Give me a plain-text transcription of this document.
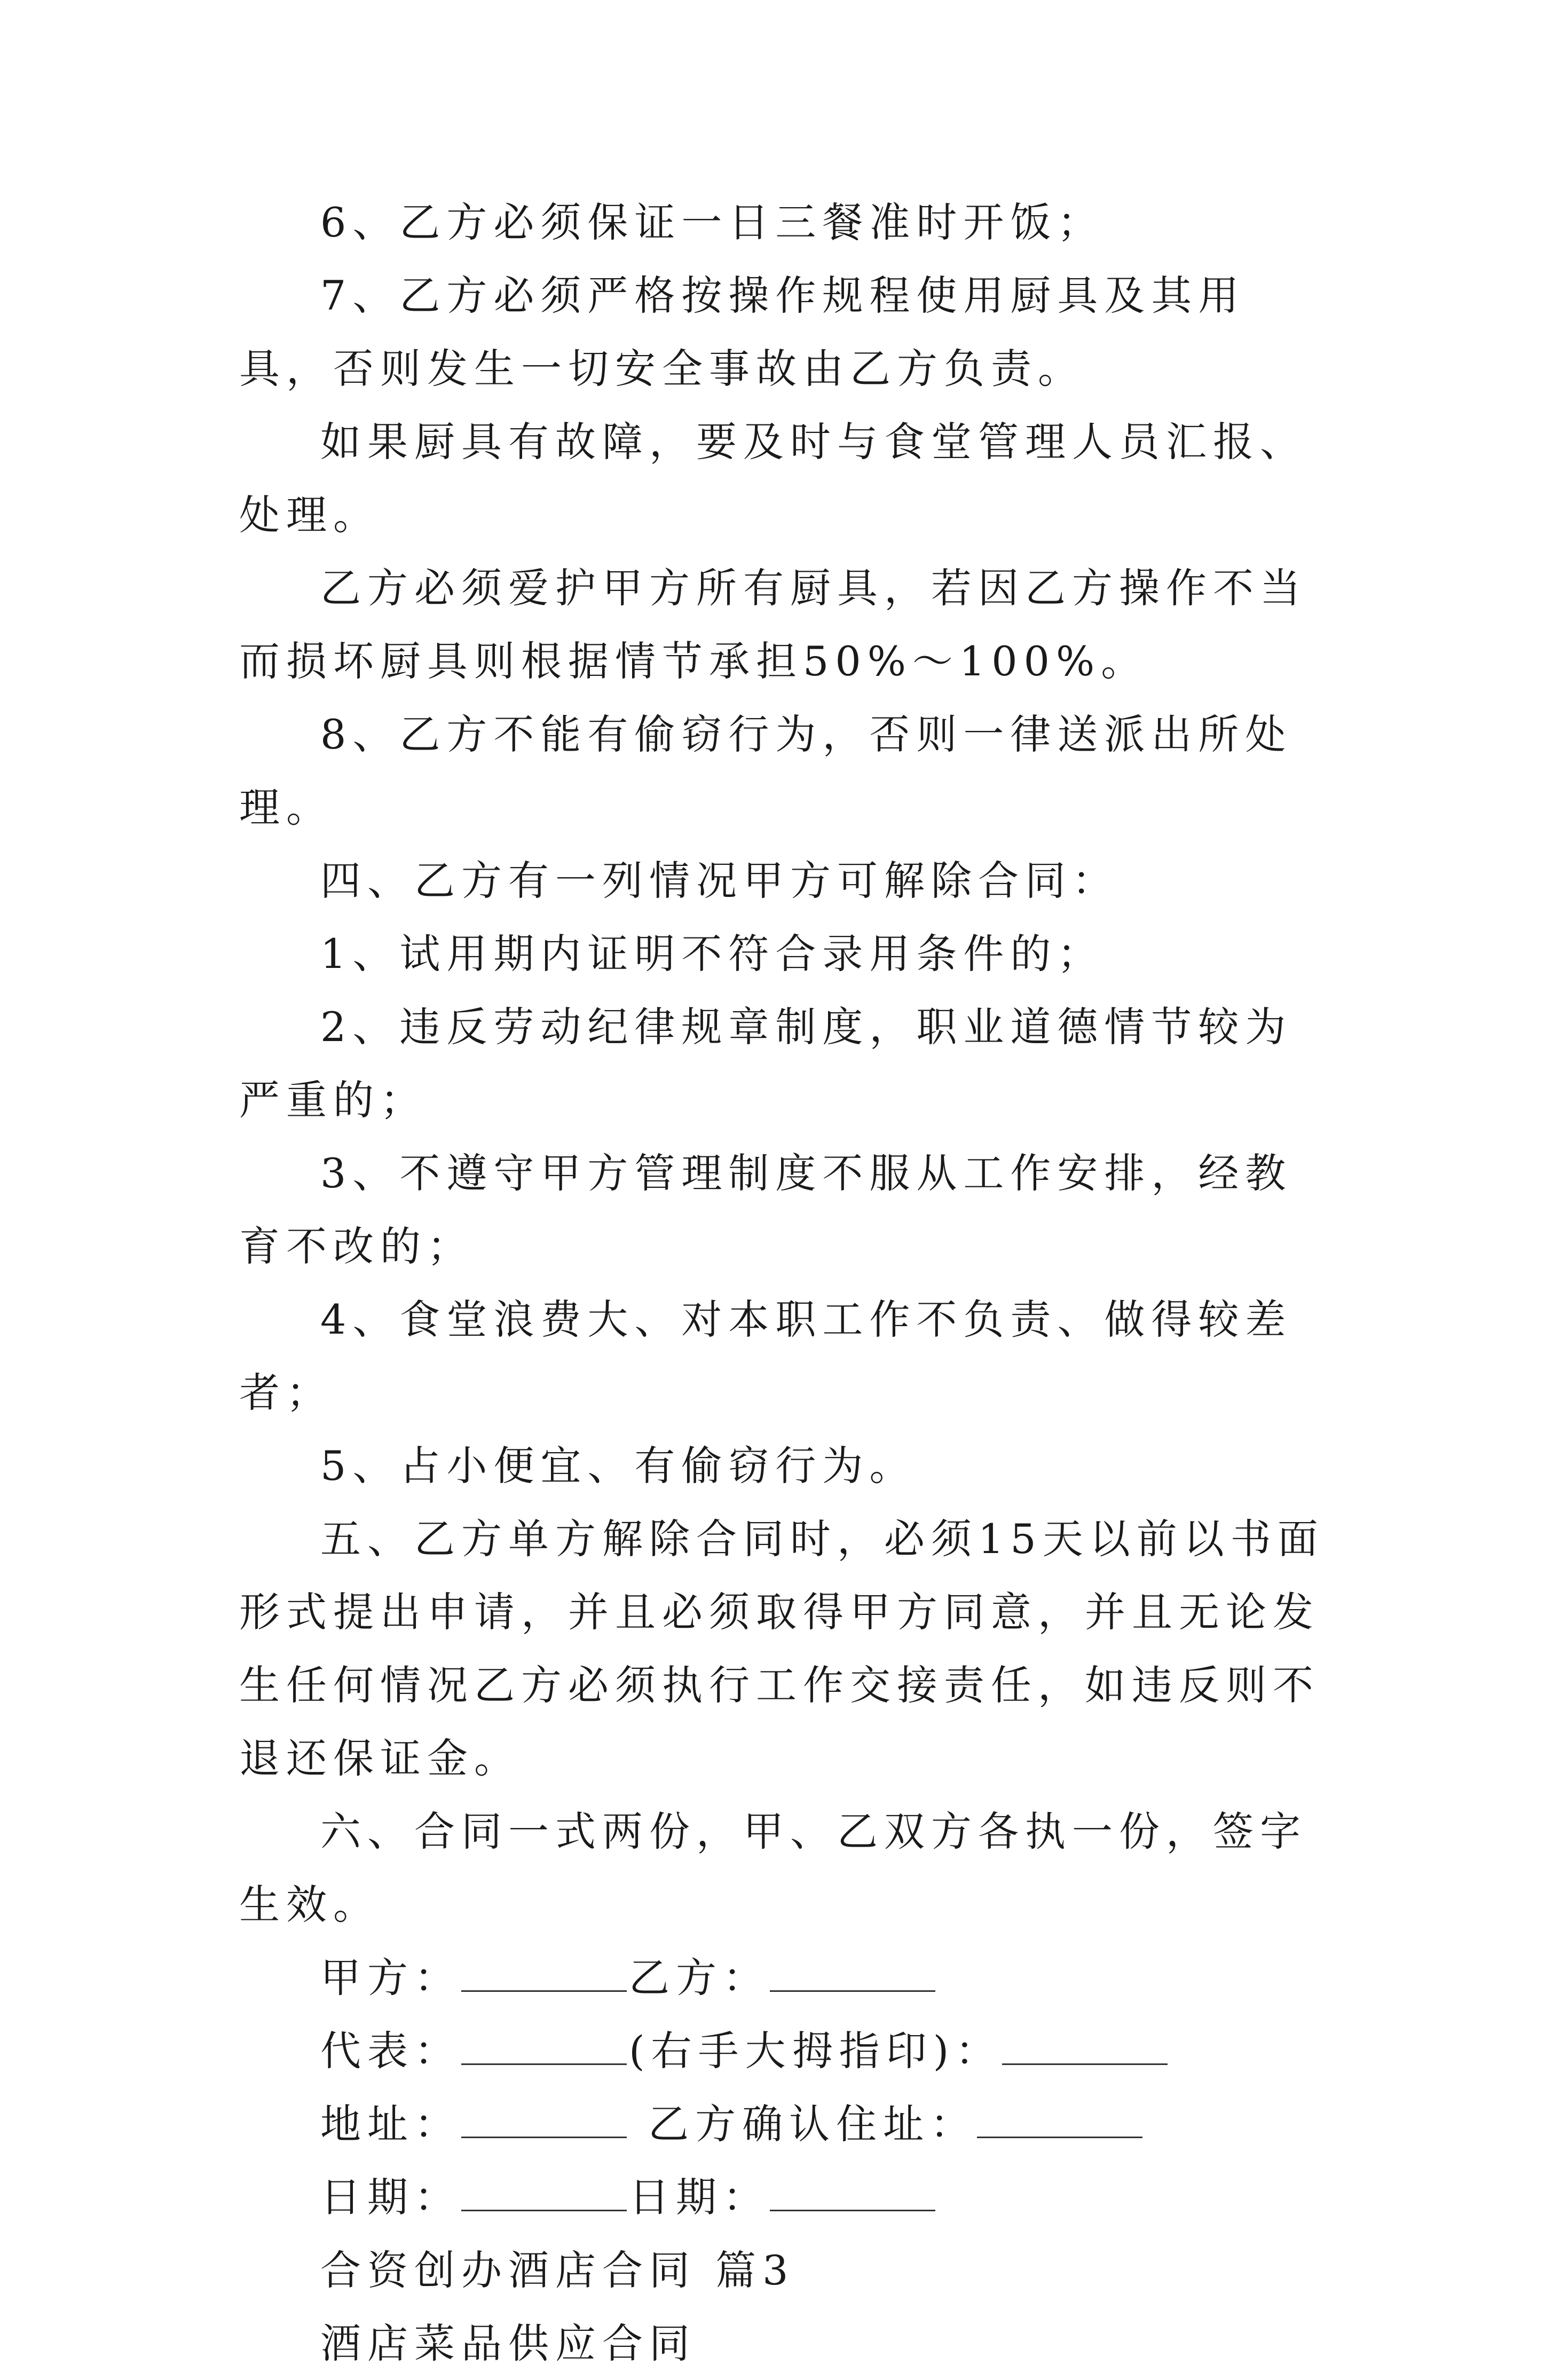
6、乙方必须保证一日三餐准时开饭；

7、乙方必须严格按操作规程使用厨具及其用具，否则发生一切安全事故由乙方负责。

如果厨具有故障，要及时与食堂管理人员汇报、处理。

乙方必须爱护甲方所有厨具，若因乙方操作不当而损坏厨具则根据情节承担50%～100%。

8、乙方不能有偷窃行为，否则一律送派出所处理。

四、乙方有一列情况甲方可解除合同：

1、试用期内证明不符合录用条件的；

2、违反劳动纪律规章制度，职业道德情节较为严重的；

3、不遵守甲方管理制度不服从工作安排，经教育不改的；

4、食堂浪费大、对本职工作不负责、做得较差者；

5、占小便宜、有偷窃行为。

五、乙方单方解除合同时，必须15天以前以书面形式提出申请，并且必须取得甲方同意，并且无论发生任何情况乙方必须执行工作交接责任，如违反则不退还保证金。

六、合同一式两份，甲、乙双方各执一份，签字生效。

甲方：	乙方：

代表：	(右手大拇指印)：

地址：	乙方确认住址：

日期：	日期：

合资创办酒店合同 篇3

酒店菜品供应合同
